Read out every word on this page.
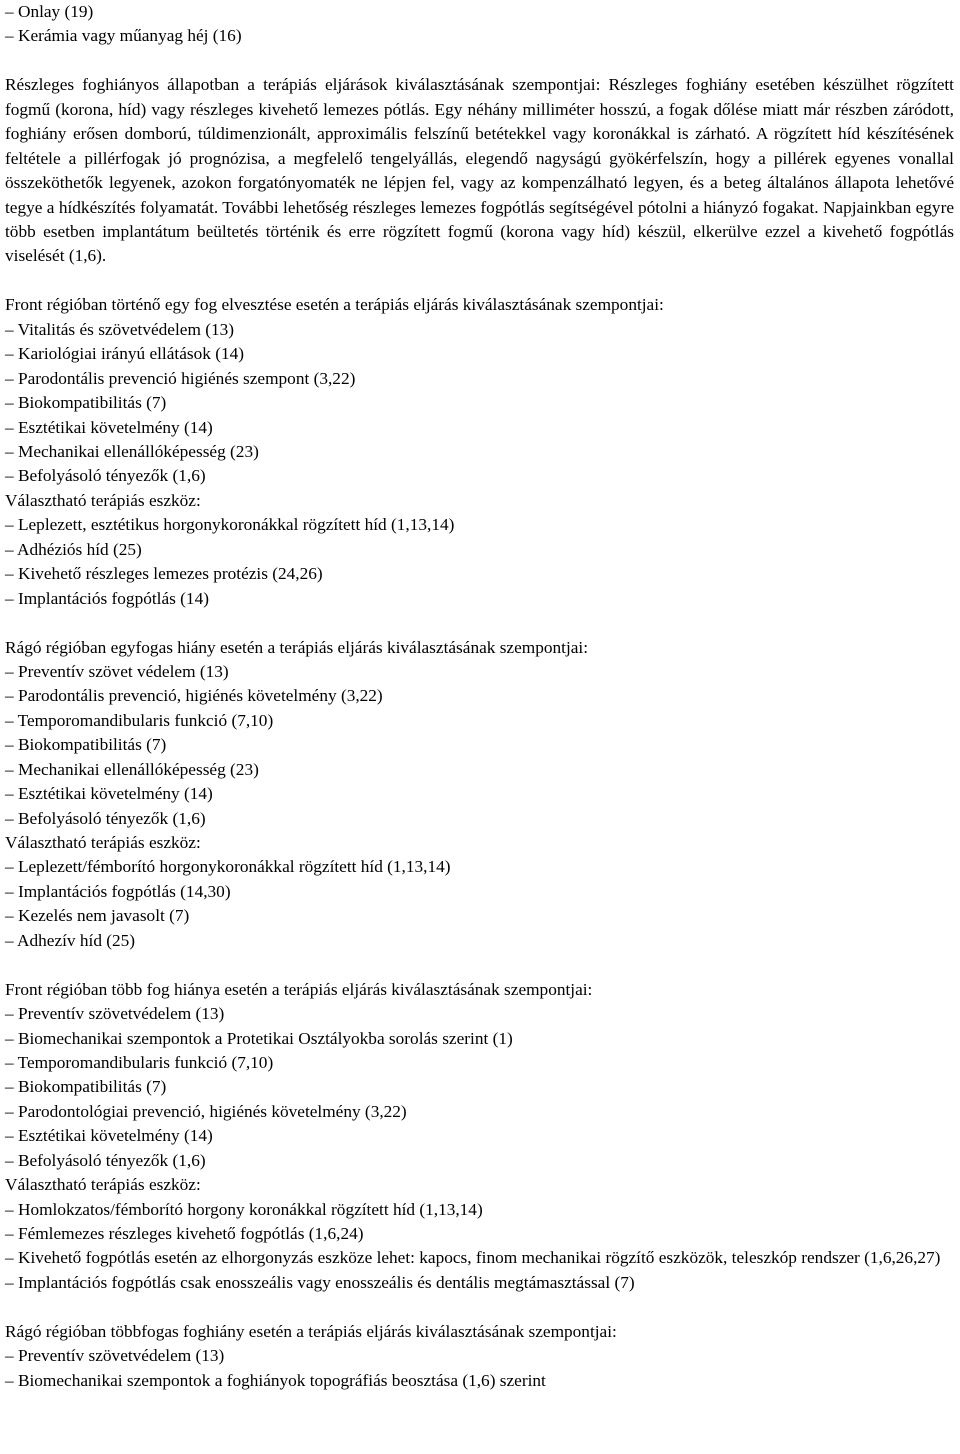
– Onlay (19)
– Kerámia vagy műanyag héj (16)
Részleges foghiányos állapotban a terápiás eljárások kiválasztásának szempontjai: Részleges foghiány esetében készülhet rögzített fogmű (korona, híd) vagy részleges kivehető lemezes pótlás. Egy néhány milliméter hosszú, a fogak dőlése miatt már részben záródott, foghiány erősen domború, túldimenzionált, approximális felszínű betétekkel vagy koronákkal is zárható. A rögzített híd készítésének feltétele a pillérfogak jó prognózisa, a megfelelő tengelyállás, elegendő nagyságú gyökérfelszín, hogy a pillérek egyenes vonallal összeköthetők legyenek, azokon forgatónyomaték ne lépjen fel, vagy az kompenzálható legyen, és a beteg általános állapota lehetővé tegye a hídkészítés folyamatát. További lehetőség részleges lemezes fogpótlás segítségével pótolni a hiányzó fogakat. Napjainkban egyre több esetben implantátum beültetés történik és erre rögzített fogmű (korona vagy híd) készül, elkerülve ezzel a kivehető fogpótlás viselését (1,6).
Front régióban történő egy fog elvesztése esetén a terápiás eljárás kiválasztásának szempontjai:
– Vitalitás és szövetvédelem (13)
– Kariológiai irányú ellátások (14)
– Parodontális prevenció higiénés szempont (3,22)
– Biokompatibilitás (7)
– Esztétikai követelmény (14)
– Mechanikai ellenállóképesség (23)
– Befolyásoló tényezők (1,6)
Választható terápiás eszköz:
– Leplezett, esztétikus horgonykoronákkal rögzített híd (1,13,14)
– Adhéziós híd (25)
– Kivehető részleges lemezes protézis (24,26)
– Implantációs fogpótlás (14)
Rágó régióban egyfogas hiány esetén a terápiás eljárás kiválasztásának szempontjai:
– Preventív szövet védelem (13)
– Parodontális prevenció, higiénés követelmény (3,22)
– Temporomandibularis funkció (7,10)
– Biokompatibilitás (7)
– Mechanikai ellenállóképesség (23)
– Esztétikai követelmény (14)
– Befolyásoló tényezők (1,6)
Választható terápiás eszköz:
– Leplezett/fémborító horgonykoronákkal rögzített híd (1,13,14)
– Implantációs fogpótlás (14,30)
– Kezelés nem javasolt (7)
– Adhezív híd (25)
Front régióban több fog hiánya esetén a terápiás eljárás kiválasztásának szempontjai:
– Preventív szövetvédelem (13)
– Biomechanikai szempontok a Protetikai Osztályokba sorolás szerint (1)
– Temporomandibularis funkció (7,10)
– Biokompatibilitás (7)
– Parodontológiai prevenció, higiénés követelmény (3,22)
– Esztétikai követelmény (14)
– Befolyásoló tényezők (1,6)
Választható terápiás eszköz:
– Homlokzatos/fémborító horgony koronákkal rögzített híd (1,13,14)
– Fémlemezes részleges kivehető fogpótlás (1,6,24)
– Kivehető fogpótlás esetén az elhorgonyzás eszköze lehet: kapocs, finom mechanikai rögzítő eszközök, teleszkóp rendszer (1,6,26,27)
– Implantációs fogpótlás csak enosszeális vagy enosszeális és dentális megtámasztással (7)
Rágó régióban többfogas foghiány esetén a terápiás eljárás kiválasztásának szempontjai:
– Preventív szövetvédelem (13)
– Biomechanikai szempontok a foghiányok topográfiás beosztása (1,6) szerint
